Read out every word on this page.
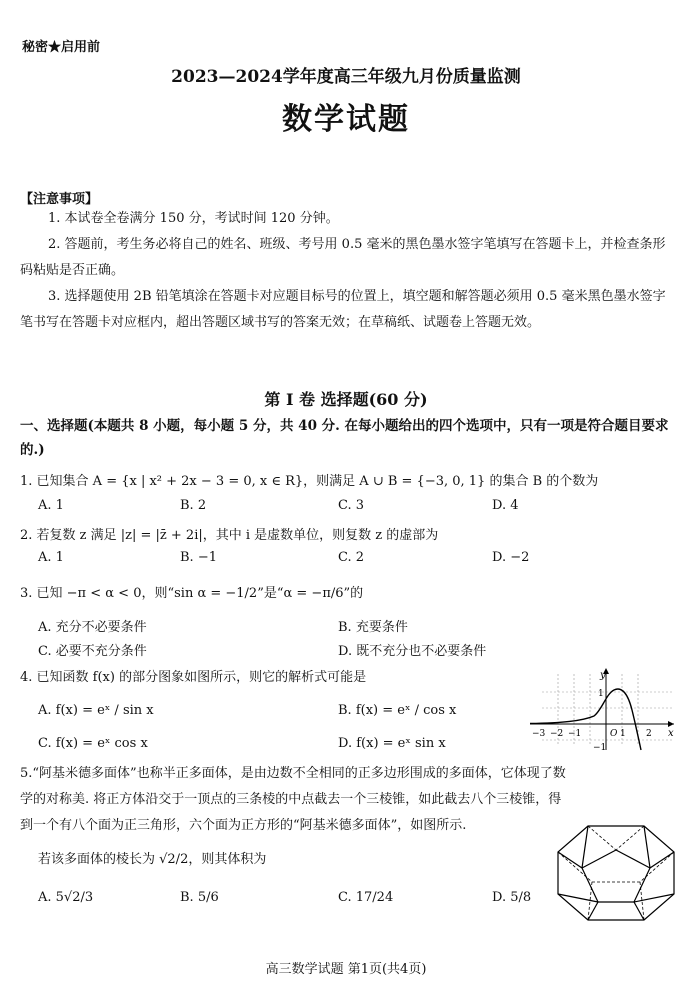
秘密★启用前
2023—2024学年度高三年级九月份质量监测
数学试题
【注意事项】
1. 本试卷全卷满分 150 分，考试时间 120 分钟。
2. 答题前，考生务必将自己的姓名、班级、考号用 0.5 毫米的黑色墨水签字笔填写在答题卡上，并检查条形码粘贴是否正确。
3. 选择题使用 2B 铅笔填涂在答题卡对应题目标号的位置上，填空题和解答题必须用 0.5 毫米黑色墨水签字笔书写在答题卡对应框内，超出答题区域书写的答案无效；在草稿纸、试题卷上答题无效。
第 Ⅰ 卷 选择题(60 分)
一、选择题(本题共 8 小题，每小题 5 分，共 40 分. 在每小题给出的四个选项中，只有一项是符合题目要求的.)
1. 已知集合 A = {x | x² + 2x − 3 = 0, x ∈ R}，则满足 A ∪ B = {−3, 0, 1} 的集合 B 的个数为
A. 1	B. 2	C. 3	D. 4
2. 若复数 z 满足 |z| = |z̄ + 2i|，其中 i 是虚数单位，则复数 z 的虚部为
A. 1	B. −1	C. 2	D. −2
3. 已知 −π < α < 0，则“sin α = −1/2”是“α = −π/6”的
A. 充分不必要条件	B. 充要条件
C. 必要不充分条件	D. 既不充分也不必要条件
4. 已知函数 f(x) 的部分图象如图所示，则它的解析式可能是
A. f(x) = eˣ / sin x	B. f(x) = eˣ / cos x
C. f(x) = eˣ cos x	D. f(x) = eˣ sin x
y
x
1
−1
O
−3 −2 −1	1 2
5.“阿基米德多面体”也称半正多面体，是由边数不全相同的正多边形围成的多面体，它体现了数
学的对称美. 将正方体沿交于一顶点的三条棱的中点截去一个三棱锥，如此截去八个三棱锥，得
到一个有八个面为正三角形，六个面为正方形的“阿基米德多面体”，如图所示.
若该多面体的棱长为 √2/2，则其体积为
A. 5√2/3	B. 5/6	C. 17/24	D. 5/8
高三数学试题 第1页(共4页)
